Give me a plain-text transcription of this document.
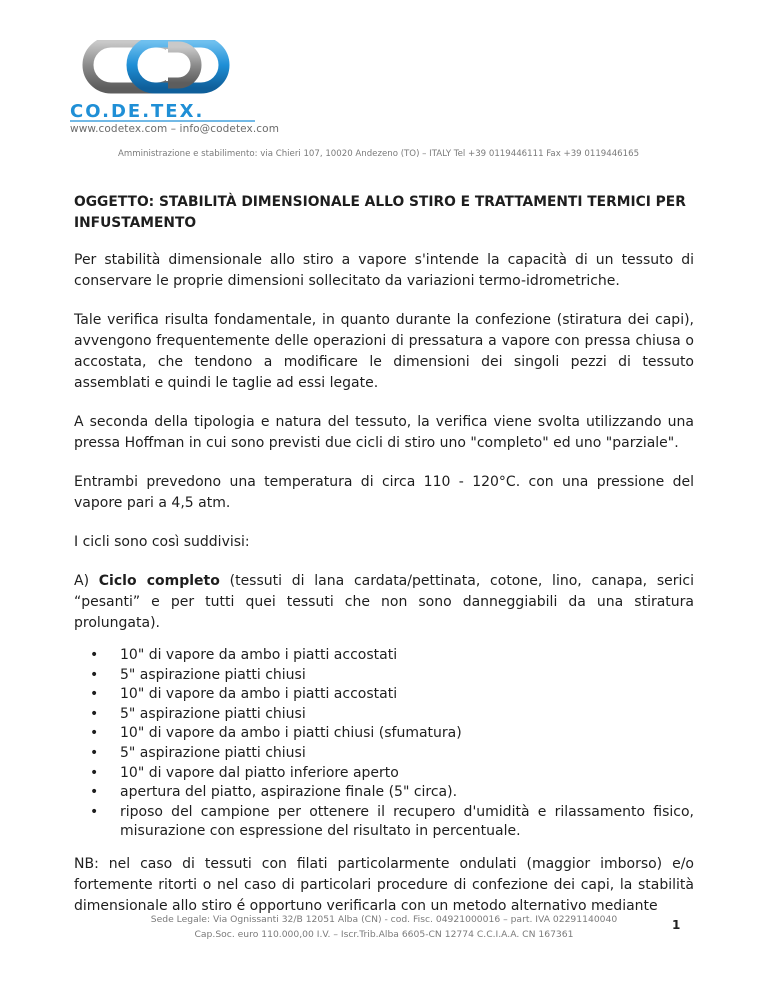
CO.DE.TEX.
www.codetex.com – info@codetex.com
Amministrazione e stabilimento: via Chieri 107, 10020 Andezeno (TO) – ITALY Tel +39 0119446111 Fax +39 0119446165
OGGETTO: STABILITÀ DIMENSIONALE ALLO STIRO E TRATTAMENTI TERMICI PER INFUSTAMENTO

Per stabilità dimensionale allo stiro a vapore s'intende la capacità di un tessuto di conservare le proprie dimensioni sollecitato da variazioni termo-idrometriche.

Tale verifica risulta fondamentale, in quanto durante la confezione (stiratura dei capi), avvengono frequentemente delle operazioni di pressatura a vapore con pressa chiusa o accostata, che tendono a modificare le dimensioni dei singoli pezzi di tessuto assemblati e quindi le taglie ad essi legate.

A seconda della tipologia e natura del tessuto, la verifica viene svolta utilizzando una pressa Hoffman in cui sono previsti due cicli di stiro uno "completo" ed uno "parziale".

Entrambi prevedono una temperatura di circa 110 - 120°C. con una pressione del vapore pari a 4,5 atm.

I cicli sono così suddivisi:

A) Ciclo completo (tessuti di lana cardata/pettinata, cotone, lino, canapa, serici “pesanti” e per tutti quei tessuti che non sono danneggiabili da una stiratura prolungata).

• 10" di vapore da ambo i piatti accostati
• 5" aspirazione piatti chiusi
• 10" di vapore da ambo i piatti accostati
• 5" aspirazione piatti chiusi
• 10" di vapore da ambo i piatti chiusi (sfumatura)
• 5" aspirazione piatti chiusi
• 10" di vapore dal piatto inferiore aperto
• apertura del piatto, aspirazione finale (5" circa).
• riposo del campione per ottenere il recupero d'umidità e rilassamento fisico, misurazione con espressione del risultato in percentuale.

NB: nel caso di tessuti con filati particolarmente ondulati (maggior imborso) e/o fortemente ritorti o nel caso di particolari procedure di confezione dei capi, la stabilità dimensionale allo stiro é opportuno verificarla con un metodo alternativo mediante

Sede Legale: Via Ognissanti 32/B 12051 Alba (CN) - cod. Fisc. 04921000016 – part. IVA 02291140040
Cap.Soc. euro 110.000,00 I.V. – Iscr.Trib.Alba 6605-CN 12774 C.C.I.A.A. CN 167361
1
